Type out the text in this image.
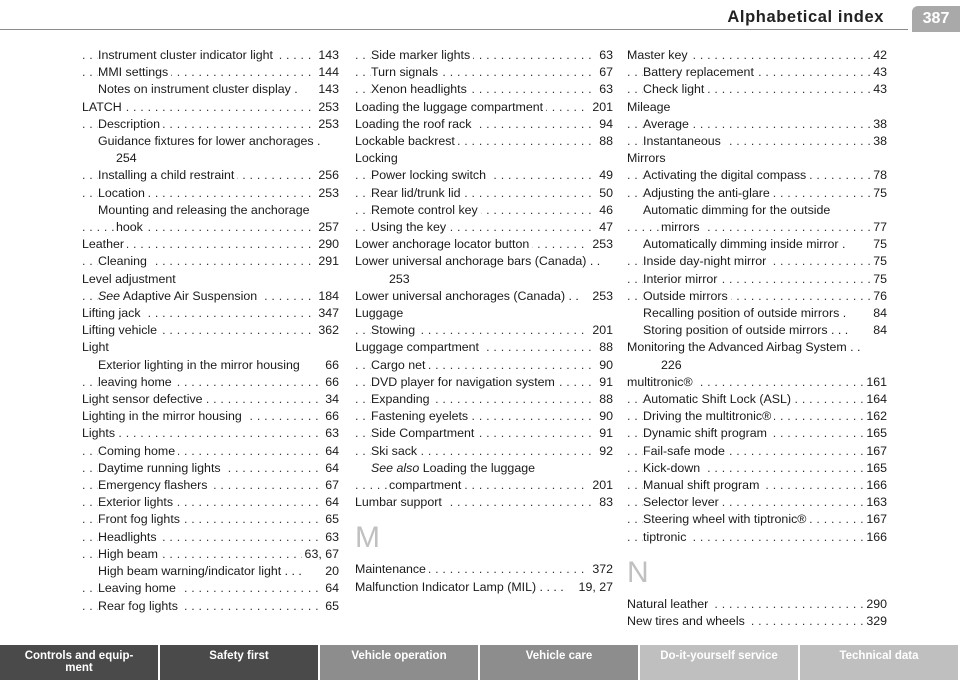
Alphabetical index	387
Instrument cluster indicator light	143
. . .
MMI settings	144
. . .
Notes on instrument cluster display . 143
LATCH	253
. . .
Description	253
. . .
Guidance fixtures for lower anchorages .
254
Installing a child restraint	256
. . .
Location	253
. . .
Mounting and releasing the anchorage
hook	257
. . .
Leather	290
. . .
Cleaning	291
. . .
Level adjustment
See Adaptive Air Suspension	184
. . .
Lifting jack	347
. . .
Lifting vehicle	362
. . .
Light
Exterior lighting in the mirror housing 66
leaving home	66
. . .
Light sensor defective	34
. . .
Lighting in the mirror housing	66
. . .
Lights	63
. . .
Coming home	64
. . .
Daytime running lights	64
. . .
Emergency flashers	67
. . .
Exterior lights	64
. . .
Front fog lights	65
. . .
Headlights	63
. . .
High beam	63, 67
. . .
High beam warning/indicator light . . . 20
Leaving home	64
. . .
Rear fog lights	65
. . .
Side marker lights	63
. . .
Turn signals	67
. . .
Xenon headlights	63
. . .
Loading the luggage compartment	201
. . .
Loading the roof rack	94
. . .
Lockable backrest	88
. . .
Locking
Power locking switch	49
. . .
Rear lid/trunk lid	50
. . .
Remote control key	46
. . .
Using the key	47
. . .
Lower anchorage locator button	253
. . .
Lower universal anchorage bars (Canada) . .
253
Lower universal anchorages (Canada) . . 253
Luggage
Stowing	201
. . .
Luggage compartment	88
. . .
Cargo net	90
. . .
DVD player for navigation system	91
. . .
Expanding	88
. . .
Fastening eyelets	90
. . .
Side Compartment	91
. . .
Ski sack	92
. . .
See also Loading the luggage
compartment	201
. . .
Lumbar support	83
. . .
M
Maintenance	372
. . .
Malfunction Indicator Lamp (MIL) . . . . 19, 27
Master key	42
. . .
Battery replacement	43
. . .
Check light	43
. . .
Mileage
Average	38
. . .
Instantaneous	38
. . .
Mirrors
Activating the digital compass	78
. . .
Adjusting the anti-glare	75
. . .
Automatic dimming for the outside
mirrors	77
. . .
Automatically dimming inside mirror . 75
Inside day-night mirror	75
. . .
Interior mirror	75
. . .
Outside mirrors	76
. . .
Recalling position of outside mirrors . 84
Storing position of outside mirrors . . . 84
Monitoring the Advanced Airbag System . .
226
multitronic®	161
. . .
Automatic Shift Lock (ASL)	164
. . .
Driving the multitronic®	162
. . .
Dynamic shift program	165
. . .
Fail-safe mode	167
. . .
Kick-down	165
. . .
Manual shift program	166
. . .
Selector lever	163
. . .
Steering wheel with tiptronic®	167
. . .
tiptronic	166
. . .
N
Natural leather	290
. . .
New tires and wheels	329
. . .
Controls and equip-
ment
Safety first	Vehicle operation	Vehicle care	Do-it-yourself service	Technical data
